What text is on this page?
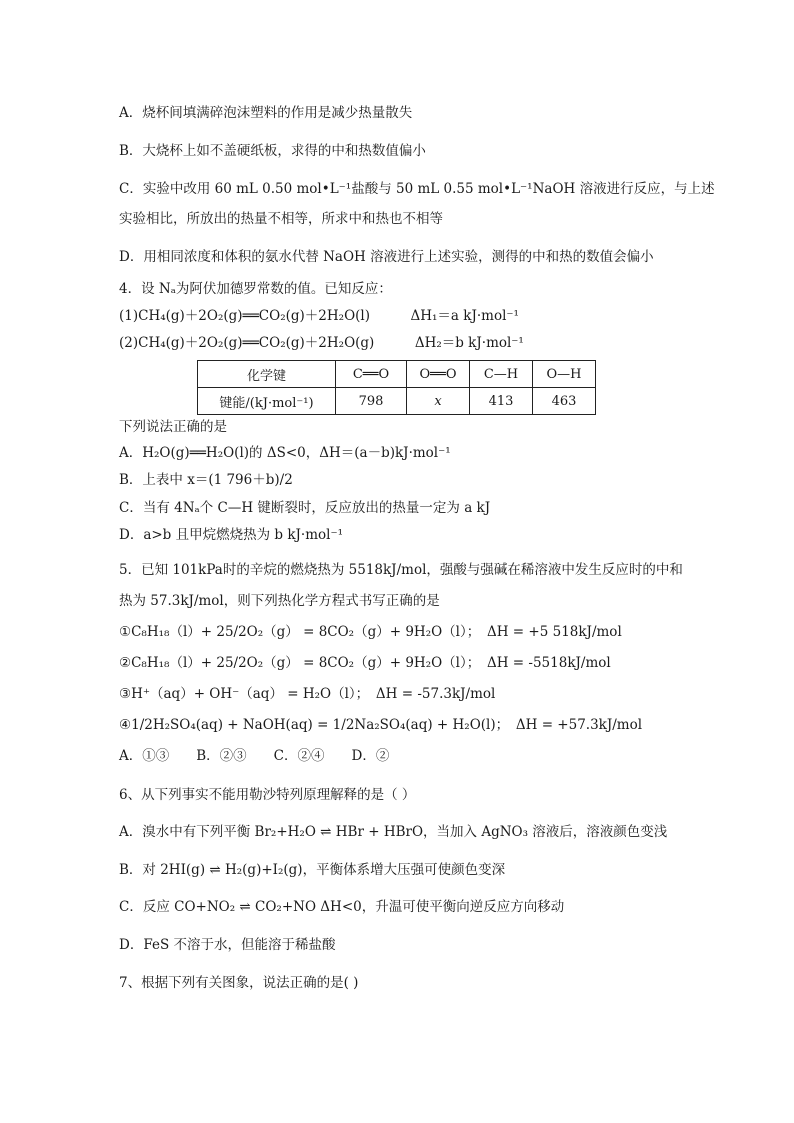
A．烧杯间填满碎泡沫塑料的作用是减少热量散失
B．大烧杯上如不盖硬纸板，求得的中和热数值偏小
C．实验中改用 60 mL 0.50 mol•L⁻¹盐酸与 50 mL 0.55 mol•L⁻¹NaOH 溶液进行反应，与上述
实验相比，所放出的热量不相等，所求中和热也不相等
D．用相同浓度和体积的氨水代替 NaOH 溶液进行上述实验，测得的中和热的数值会偏小
4．设 Nₐ为阿伏加德罗常数的值。已知反应：
(1)CH₄(g)＋2O₂(g)══CO₂(g)＋2H₂O(l)　　　ΔH₁＝a kJ·mol⁻¹
(2)CH₄(g)＋2O₂(g)══CO₂(g)＋2H₂O(g)　　　ΔH₂＝b kJ·mol⁻¹
化学键	C══O	O══O	C—H	O—H
键能/(kJ·mol⁻¹)	798	x	413	463
下列说法正确的是
A．H₂O(g)══H₂O(l)的 ΔS<0，ΔH＝(a－b)kJ·mol⁻¹
B．上表中 x＝(1 796＋b)/2
C．当有 4Nₐ个 C—H 键断裂时，反应放出的热量一定为 a kJ
D．a>b 且甲烷燃烧热为 b kJ·mol⁻¹
5．已知 101kPa时的辛烷的燃烧热为 5518kJ/mol，强酸与强碱在稀溶液中发生反应时的中和
热为 57.3kJ/mol，则下列热化学方程式书写正确的是
①C₈H₁₈（l）+ 25/2O₂（g） = 8CO₂（g）+ 9H₂O（l）；　ΔH = +5 518kJ/mol
②C₈H₁₈（l）+ 25/2O₂（g） = 8CO₂（g）+ 9H₂O（l）；　ΔH = -5518kJ/mol
③H⁺（aq）+ OH⁻（aq） = H₂O（l）；　ΔH = -57.3kJ/mol
④1/2H₂SO₄(aq) + NaOH(aq) = 1/2Na₂SO₄(aq) + H₂O(l)；　ΔH = +57.3kJ/mol
A．①③　　B．②③　　C．②④　　D．②
6、从下列事实不能用勒沙特列原理解释的是（ ）
A．溴水中有下列平衡 Br₂+H₂O ⇌ HBr + HBrO，当加入 AgNO₃ 溶液后，溶液颜色变浅
B．对 2HI(g) ⇌ H₂(g)+I₂(g)，平衡体系增大压强可使颜色变深
C．反应 CO+NO₂ ⇌ CO₂+NO ΔH<0，升温可使平衡向逆反应方向移动
D．FeS 不溶于水，但能溶于稀盐酸
7、根据下列有关图象，说法正确的是( )
